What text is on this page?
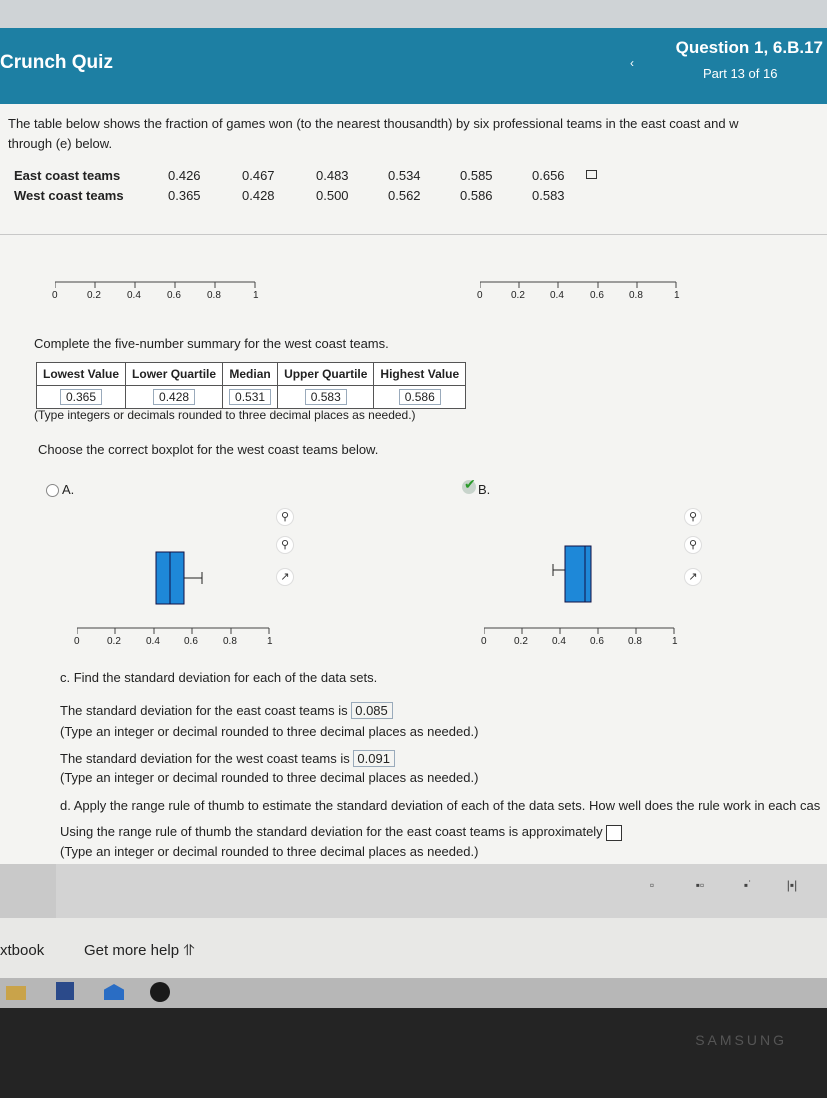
Crunch Quiz	‹
Question 1, 6.B.17
Part 13 of 16
The table below shows the fraction of games won (to the nearest thousandth) by six professional teams in the east coast and w
through (e) below.
East coast teams	0.426	0.467	0.483	0.534	0.585	0.656
West coast teams	0.365	0.428	0.500	0.562	0.586	0.583
0	0.2	0.4	0.6	0.8	1	0	0.2	0.4	0.6	0.8	1
Complete the five-number summary for the west coast teams.
Lowest Value	Lower Quartile	Median	Upper Quartile	Highest Value
0.365	0.428	0.531	0.583	0.586
(Type integers or decimals rounded to three decimal places as needed.)
Choose the correct boxplot for the west coast teams below.
A.
⚲
⚲
↗
0	0.2	0.4 0.6	0.8	1
✔ B.
⚲
⚲
↗
0	0.2 0.4 0.6 0.8	1
c. Find the standard deviation for each of the data sets.
The standard deviation for the east coast teams is 0.085
(Type an integer or decimal rounded to three decimal places as needed.)
The standard deviation for the west coast teams is 0.091
(Type an integer or decimal rounded to three decimal places as needed.)
d. Apply the range rule of thumb to estimate the standard deviation of each of the data sets. How well does the rule work in each cas
Using the range rule of thumb the standard deviation for the east coast teams is approximately
(Type an integer or decimal rounded to three decimal places as needed.)
▫	▪▫	▪˙	|▪|
xtbook	Get more help ⥣
SAMSUNG
